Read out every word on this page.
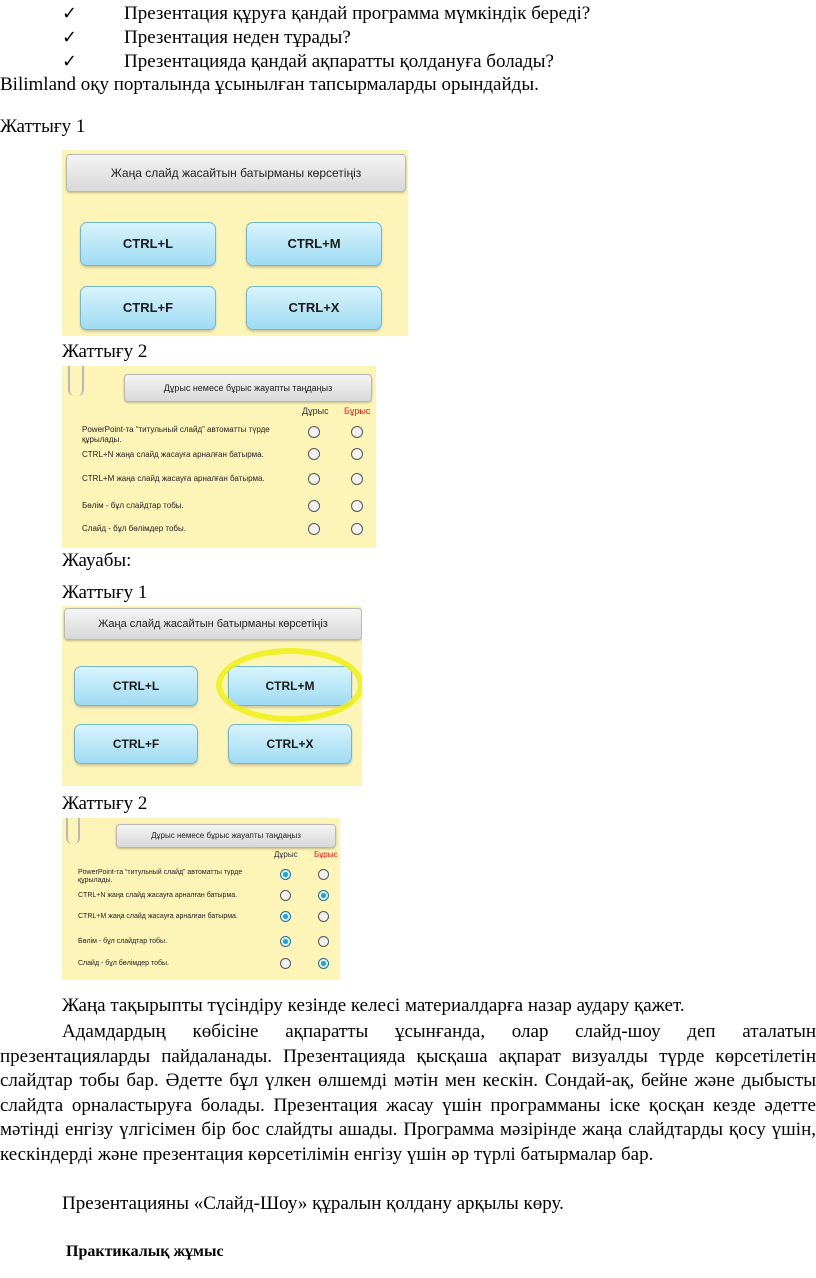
✓	Презентация құруға қандай программа мүмкіндік береді?
✓	Презентация неден тұрады?
✓	Презентацияда қандай ақпаратты қолдануға болады?
Bilimland оқу порталында ұсынылған тапсырмаларды орындайды.
Жаттығу 1
Жаңа слайд жасайтын батырманы көрсетіңіз
CTRL+L	CTRL+M
CTRL+F	CTRL+X
Жаттығу 2
Дұрыс немесе бұрыс жауапты таңдаңыз
Дұрыс Бұрыс
PowerPoint-та “титульный слайд” автоматты түрде құрылады.
CTRL+N жаңа слайд жасауға арналған батырма.
CTRL+M жаңа слайд жасауға арналған батырма.
Бөлім - бұл слайдтар тобы.
Слайд - бұл бөлімдер тобы.
Жауабы:
Жаттығу 1
Жаңа слайд жасайтын батырманы көрсетіңіз
CTRL+L	CTRL+M
CTRL+F	CTRL+X
Жаттығу 2
Дұрыс немесе бұрыс жауапты таңдаңыз
Дұрыс Бұрыс
PowerPoint-та “титульный слайд” автоматты түрде құрылады.
CTRL+N жаңа слайд жасауға арналған батырма.
CTRL+M жаңа слайд жасауға арналған батырма.
Бөлім - бұл слайдтар тобы.
Слайд - бұл бөлімдер тобы.
Жаңа тақырыпты түсіндіру кезінде келесі материалдарға назар аудару қажет.
Адамдардың көбісіне ақпаратты ұсынғанда, олар слайд-шоу деп аталатын презентацияларды пайдаланады. Презентацияда қысқаша ақпарат визуалды түрде көрсетілетін слайдтар тобы бар. Әдетте бұл үлкен өлшемді мәтін мен кескін. Сондай-ақ, бейне және дыбысты слайдта орналастыруға болады. Презентация жасау үшін программаны іске қосқан кезде әдетте мәтінді енгізу үлгісімен бір бос слайдты ашады. Программа мәзірінде жаңа слайдтарды қосу үшін, кескіндерді және презентация көрсетілімін енгізу үшін әр түрлі батырмалар бар.
Презентацияны «Слайд-Шоу» құралын қолдану арқылы көру.
Практикалық жұмыс
